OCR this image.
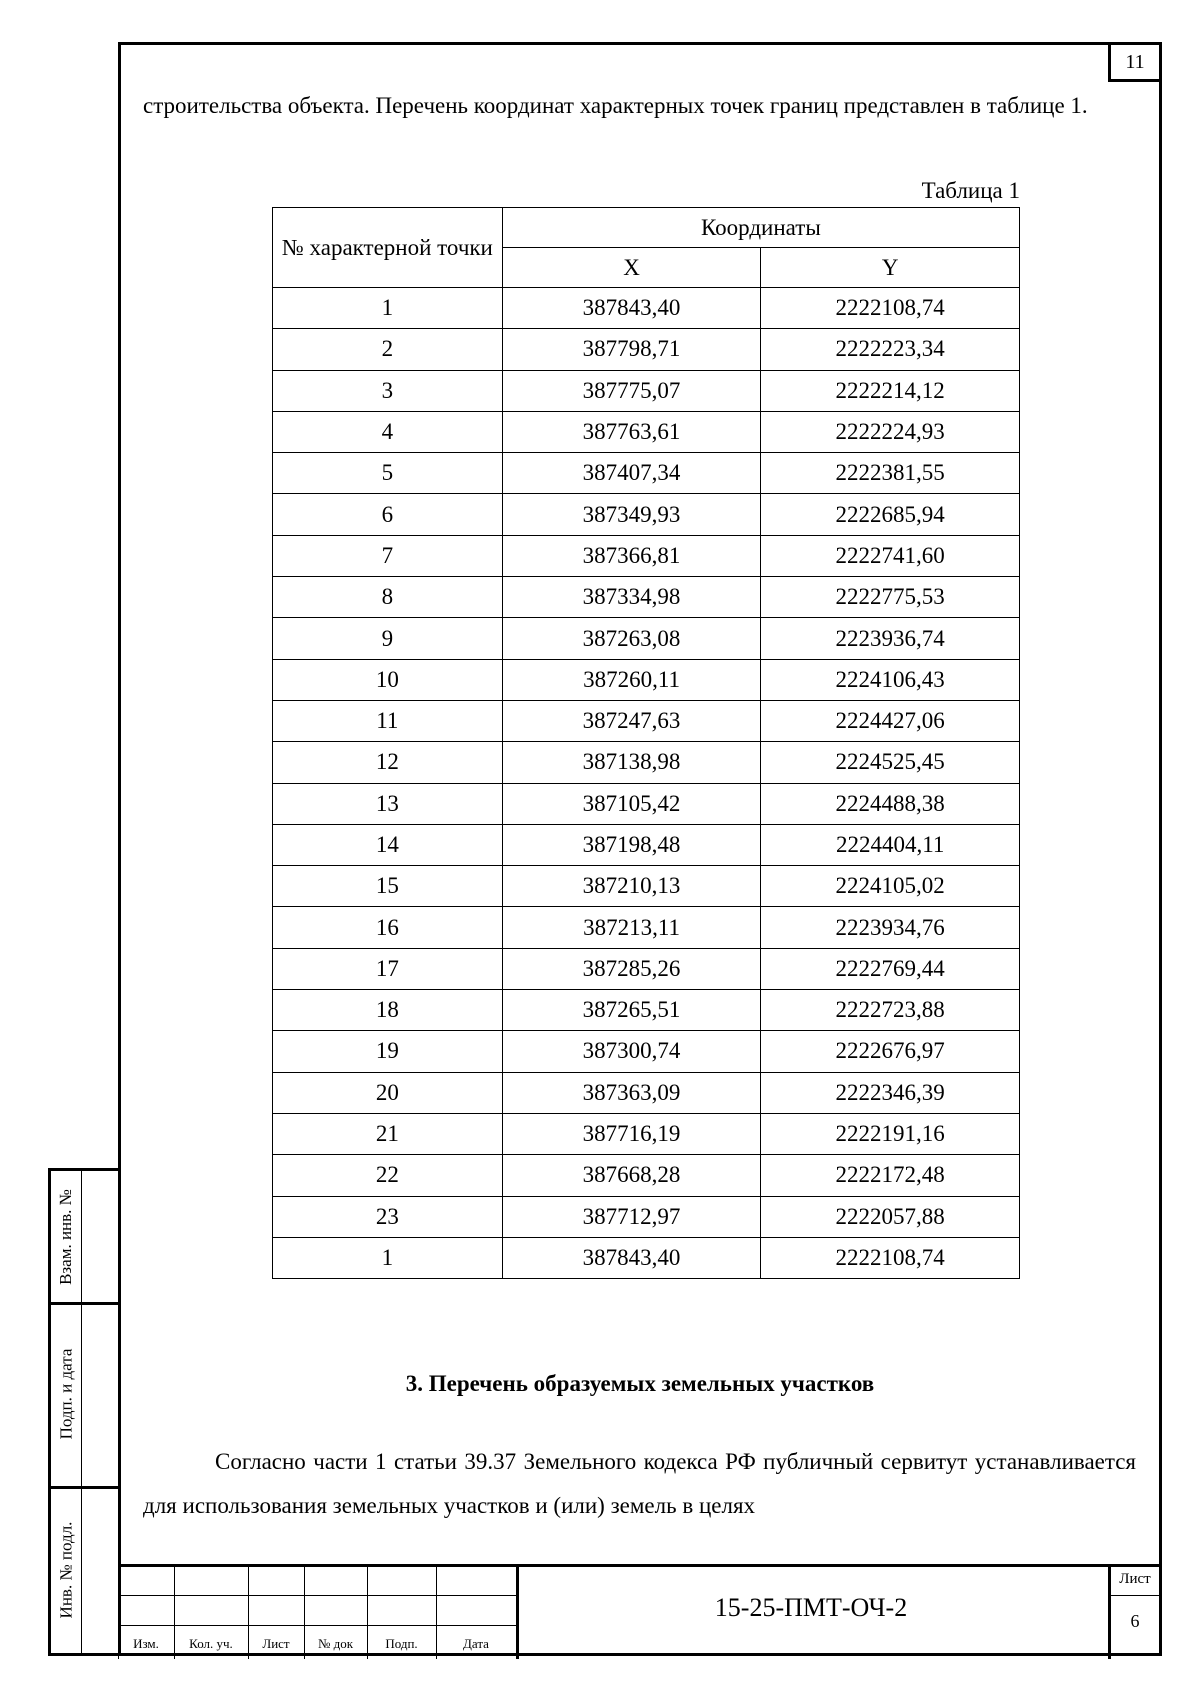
11
строительства объекта. Перечень координат характерных точек границ представлен в таблице 1.
Таблица 1
№ характерной точки	Координаты	
	X	Y
1	387843,40	2222108,74
2	387798,71	2222223,34
3	387775,07	2222214,12
4	387763,61	2222224,93
5	387407,34	2222381,55
6	387349,93	2222685,94
7	387366,81	2222741,60
8	387334,98	2222775,53
9	387263,08	2223936,74
10	387260,11	2224106,43
11	387247,63	2224427,06
12	387138,98	2224525,45
13	387105,42	2224488,38
14	387198,48	2224404,11
15	387210,13	2224105,02
16	387213,11	2223934,76
17	387285,26	2222769,44
18	387265,51	2222723,88
19	387300,74	2222676,97
20	387363,09	2222346,39
21	387716,19	2222191,16
22	387668,28	2222172,48
23	387712,97	2222057,88
1	387843,40	2222108,74
3. Перечень образуемых земельных участков
Согласно части 1 статьи 39.37 Земельного кодекса РФ публичный сервитут устанавливается для использования земельных участков и (или) земель в целях
Взам. инв. №
Подп. и дата
Инв. № подл.
Изм.	Кол. уч.	Лист	№ док	Подп.	Дата
15-25-ПМТ-ОЧ-2
Лист
6
